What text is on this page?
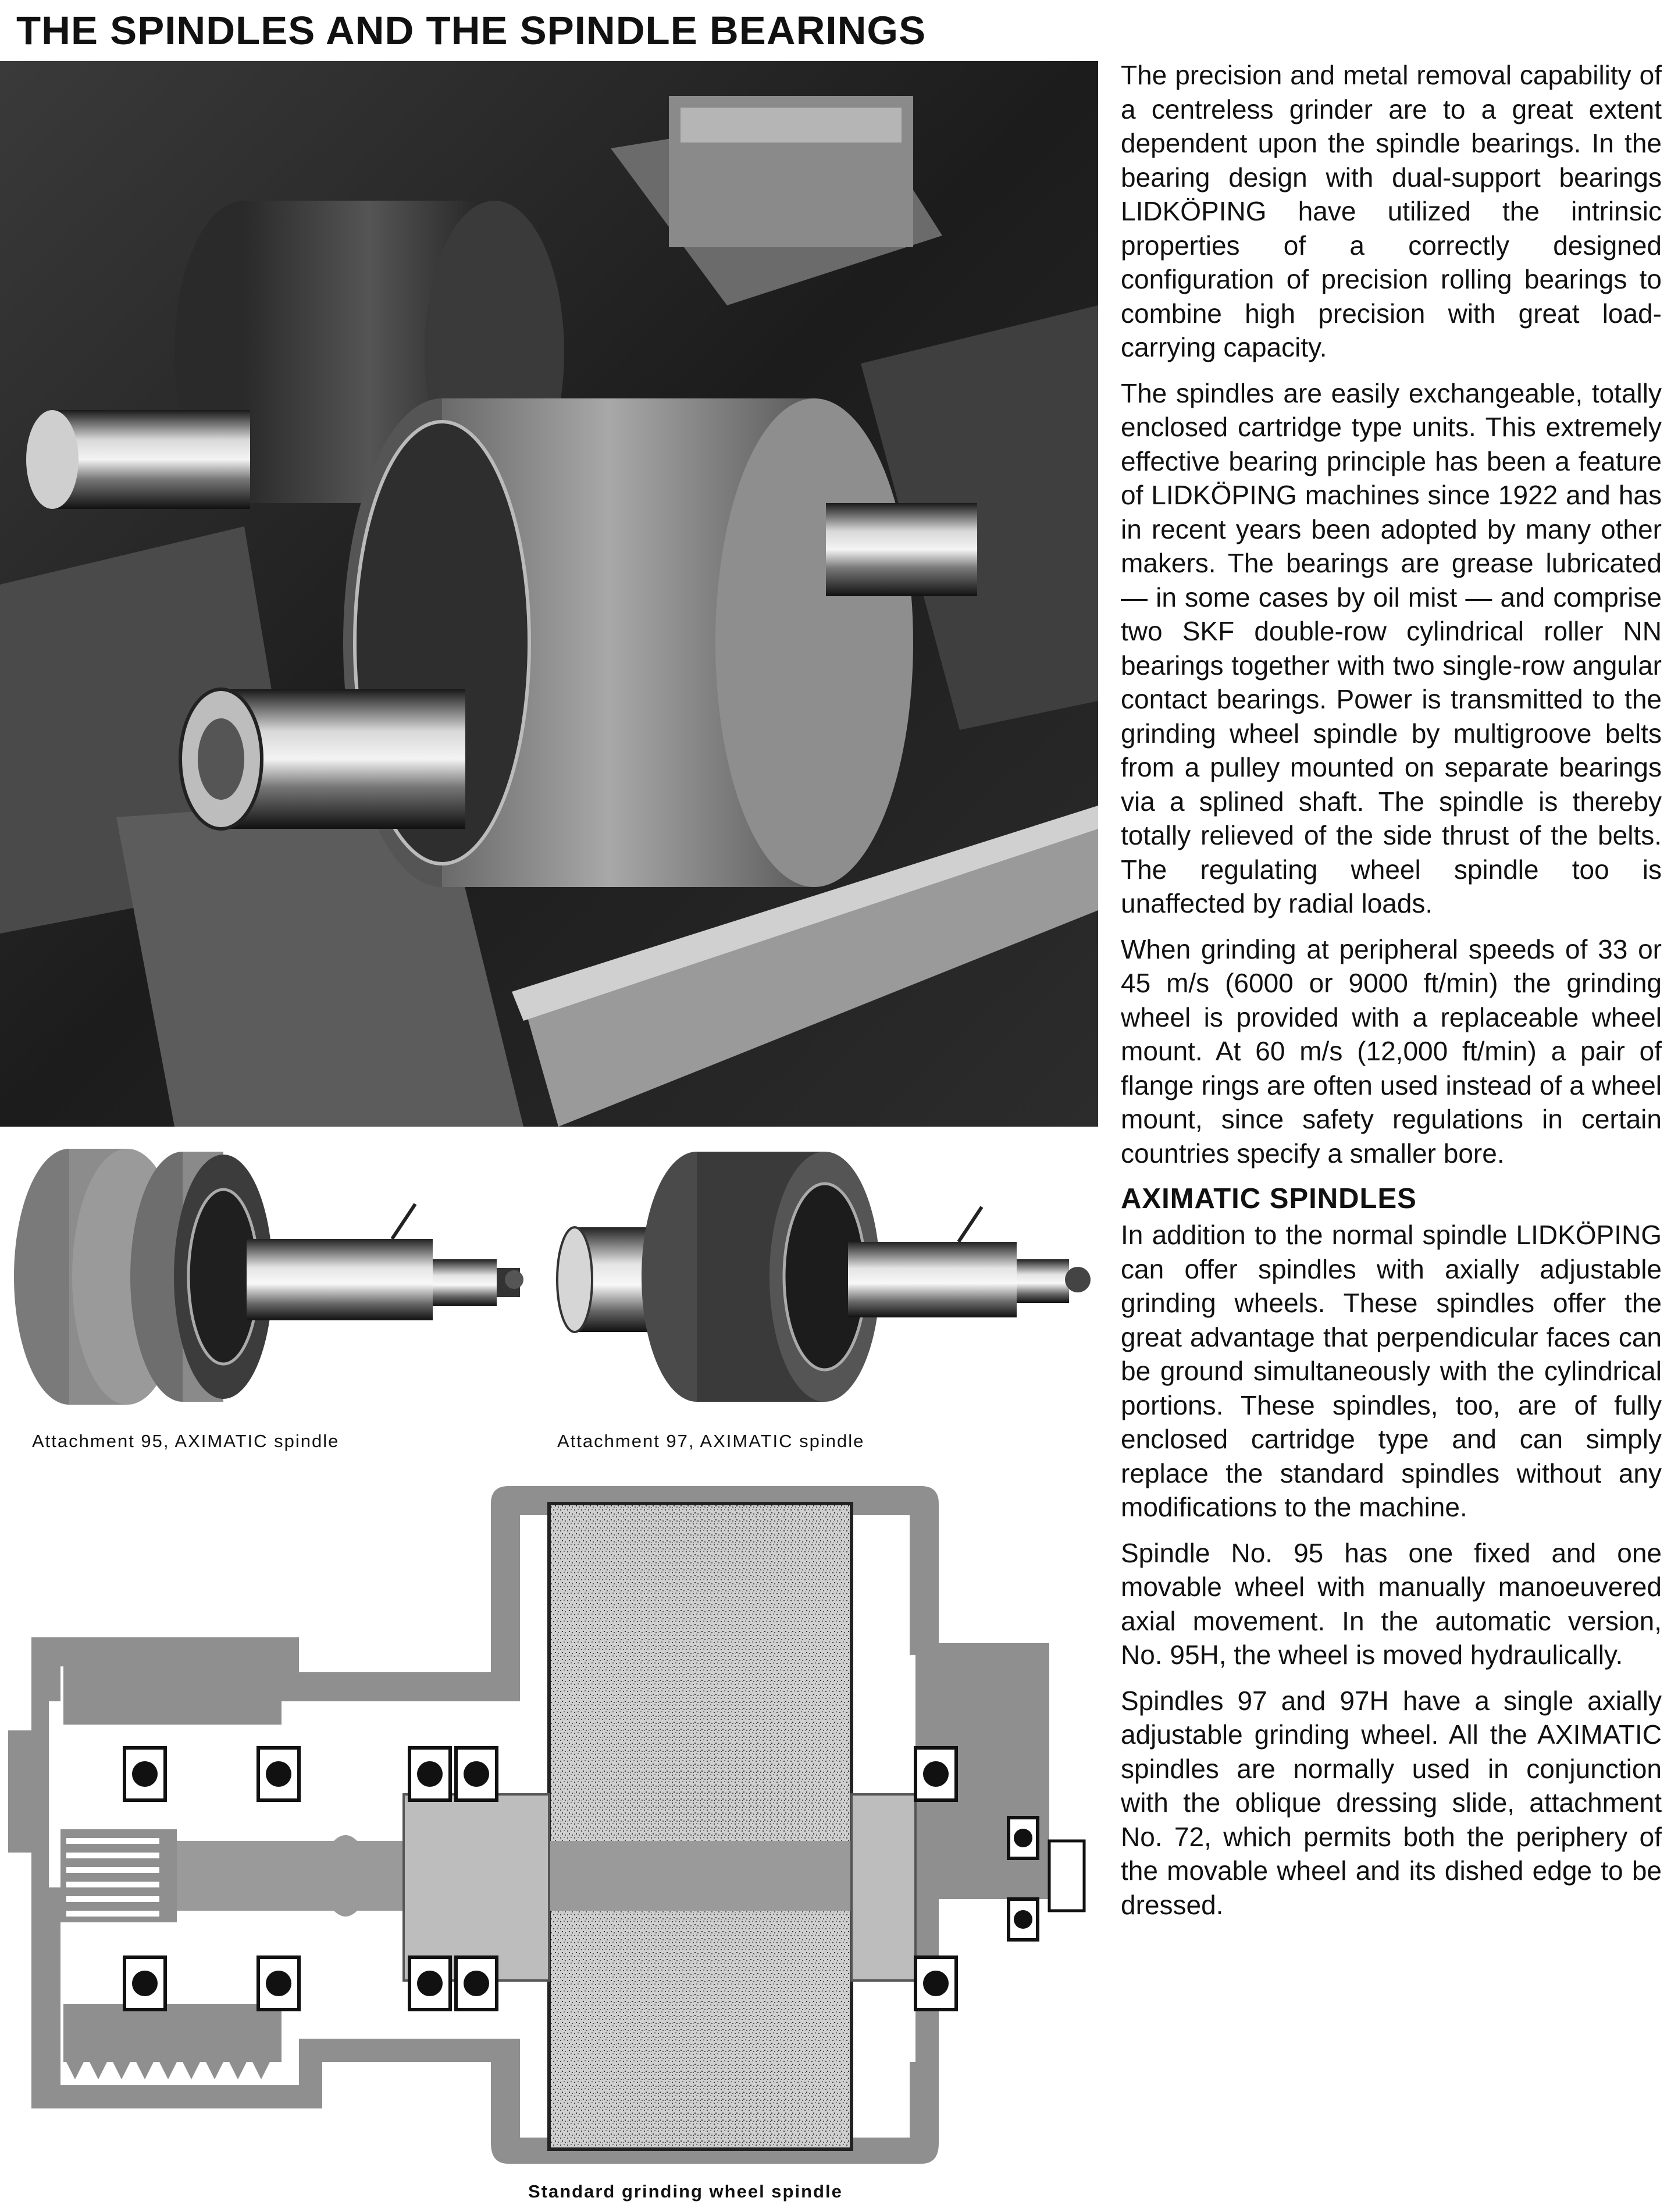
THE SPINDLES AND THE SPINDLE BEARINGS
Attachment 95, AXIMATIC spindle	Attachment 97, AXIMATIC spindle
Standard grinding wheel spindle

The precision and metal removal capability of a centreless grinder are to a great extent dependent upon the spindle bearings. In the bearing design with dual-support bearings LIDKÖPING have utilized the intrinsic properties of a correctly designed configuration of precision rolling bearings to combine high precision with great load-carrying capacity.

The spindles are easily exchangeable, totally enclosed cartridge type units. This extremely effective bearing principle has been a feature of LIDKÖPING machines since 1922 and has in recent years been adopted by many other makers. The bearings are grease lubricated — in some cases by oil mist — and comprise two SKF double-row cylindrical roller NN bearings together with two single-row angular contact bearings. Power is transmitted to the grinding wheel spindle by multigroove belts from a pulley mounted on separate bearings via a splined shaft. The spindle is thereby totally relieved of the side thrust of the belts. The regulating wheel spindle too is unaffected by radial loads.

When grinding at peripheral speeds of 33 or 45 m/s (6000 or 9000 ft/min) the grinding wheel is provided with a replaceable wheel mount. At 60 m/s (12,000 ft/min) a pair of flange rings are often used instead of a wheel mount, since safety regulations in certain countries specify a smaller bore.

AXIMATIC SPINDLES

In addition to the normal spindle LIDKÖPING can offer spindles with axially adjustable grinding wheels. These spindles offer the great advantage that perpendicular faces can be ground simultaneously with the cylindrical portions. These spindles, too, are of fully enclosed cartridge type and can simply replace the standard spindles without any modifications to the machine.

Spindle No. 95 has one fixed and one movable wheel with manually manoeuvered axial movement. In the automatic version, No. 95H, the wheel is moved hydraulically.

Spindles 97 and 97H have a single axially adjustable grinding wheel. All the AXIMATIC spindles are normally used in conjunction with the oblique dressing slide, attachment No. 72, which permits both the periphery of the movable wheel and its dished edge to be dressed.
